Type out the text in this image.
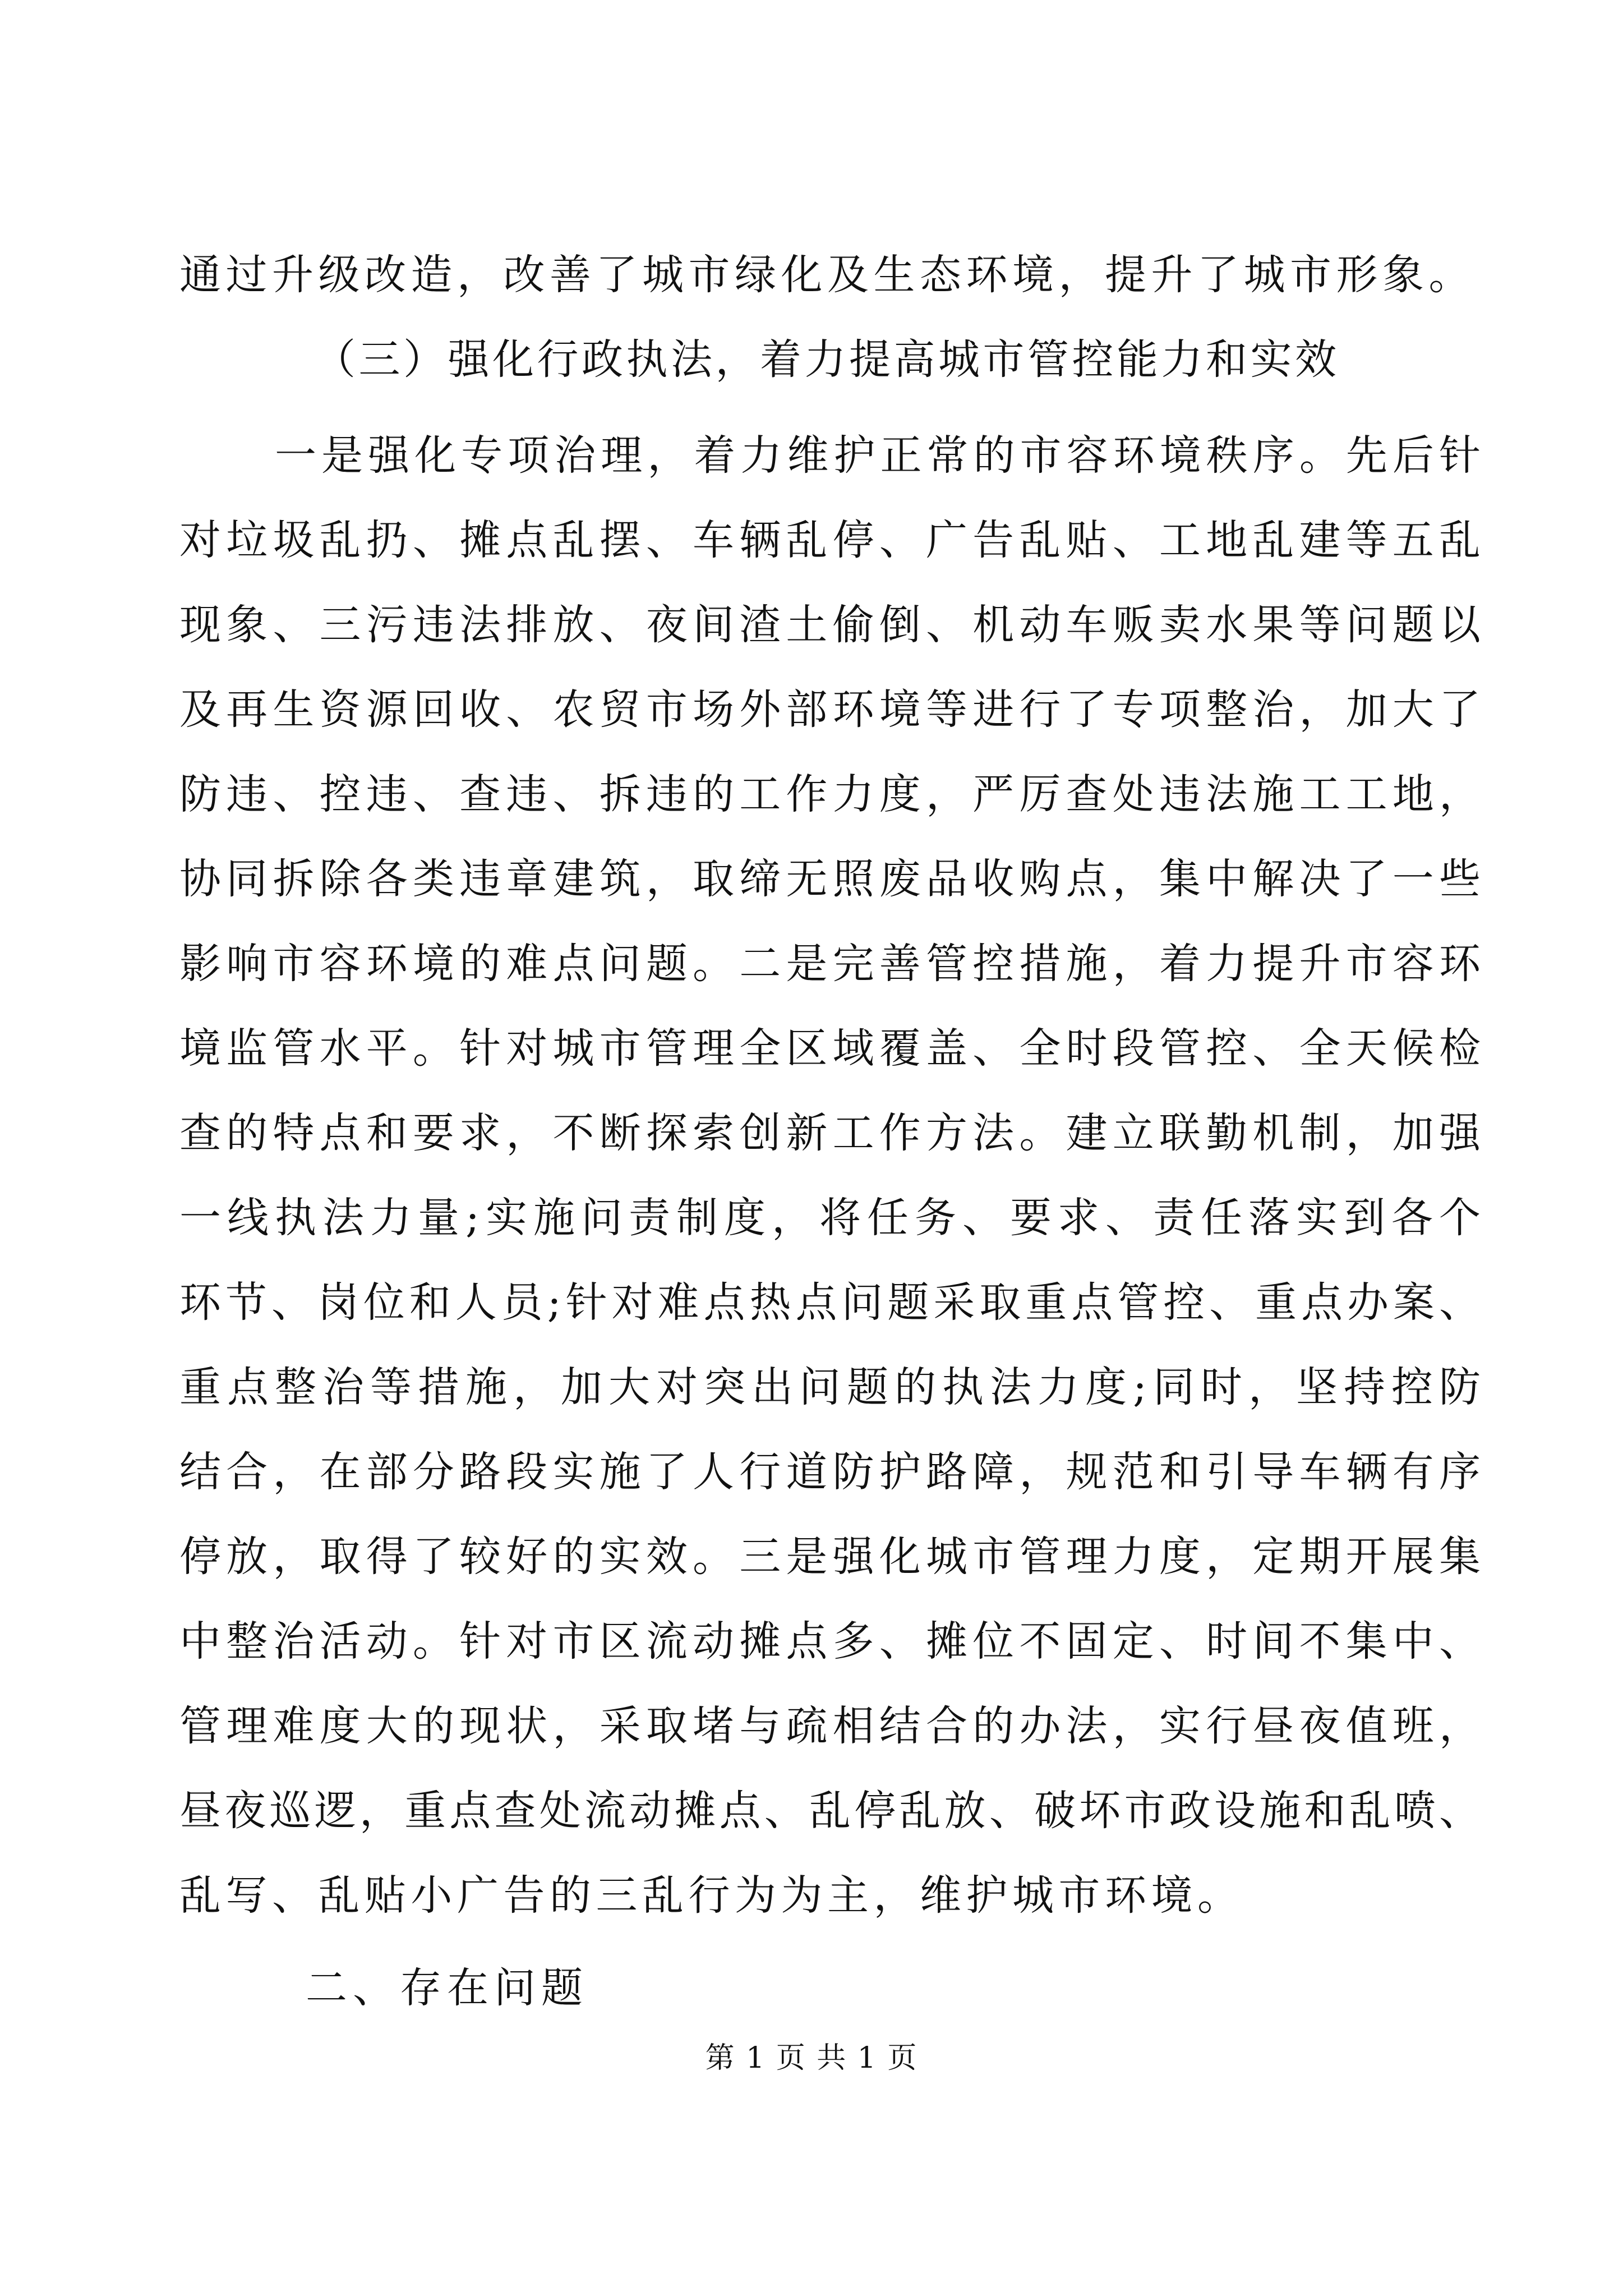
通过升级改造，改善了城市绿化及生态环境，提升了城市形象。
（三）强化行政执法，着力提高城市管控能力和实效
一是强化专项治理，着力维护正常的市容环境秩序。先后针
对垃圾乱扔、摊点乱摆、车辆乱停、广告乱贴、工地乱建等五乱
现象、三污违法排放、夜间渣土偷倒、机动车贩卖水果等问题以
及再生资源回收、农贸市场外部环境等进行了专项整治，加大了
防违、控违、查违、拆违的工作力度，严厉查处违法施工工地，
协同拆除各类违章建筑，取缔无照废品收购点，集中解决了一些
影响市容环境的难点问题。二是完善管控措施，着力提升市容环
境监管水平。针对城市管理全区域覆盖、全时段管控、全天候检
查的特点和要求，不断探索创新工作方法。建立联勤机制，加强
一线执法力量;实施问责制度，将任务、要求、责任落实到各个
环节、岗位和人员;针对难点热点问题采取重点管控、重点办案、
重点整治等措施，加大对突出问题的执法力度;同时，坚持控防
结合，在部分路段实施了人行道防护路障，规范和引导车辆有序
停放，取得了较好的实效。三是强化城市管理力度，定期开展集
中整治活动。针对市区流动摊点多、摊位不固定、时间不集中、
管理难度大的现状，采取堵与疏相结合的办法，实行昼夜值班，
昼夜巡逻，重点查处流动摊点、乱停乱放、破坏市政设施和乱喷、
乱写、乱贴小广告的三乱行为为主，维护城市环境。
二、存在问题
第 1 页 共 1 页
